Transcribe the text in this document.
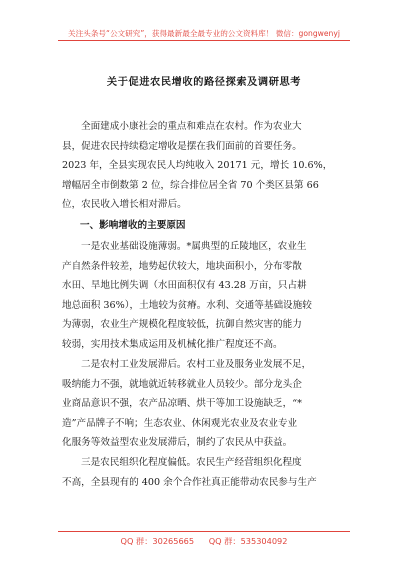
关注头条号“公文研究”，获得最新最全最专业的公文资料库！ 微信：gongwenyj
关于促进农民增收的路径探索及调研思考
全面建成小康社会的重点和难点在农村。作为农业大
县，促进农民持续稳定增收是摆在我们面前的首要任务。
2023 年，全县实现农民人均纯收入 20171 元，增长 10.6%，
增幅居全市倒数第 2 位，综合排位居全省 70 个类区县第 66
位，农民收入增长相对滞后。
一、影响增收的主要原因
一是农业基础设施薄弱。*属典型的丘陵地区，农业生
产自然条件较差，地势起伏较大，地块面积小，分布零散
水田、旱地比例失调（水田面积仅有 43.28 万亩，只占耕
地总面积 36%），土地较为贫瘠。水利、交通等基础设施较
为薄弱，农业生产规模化程度较低，抗御自然灾害的能力
较弱，实用技术集成运用及机械化推广程度还不高。
二是农村工业发展滞后。农村工业及服务业发展不足，
吸纳能力不强，就地就近转移就业人员较少。部分龙头企
业商品意识不强，农产品凉晒、烘干等加工设施缺乏，“*
造”产品牌子不响；生态农业、休闲观光农业及农业专业
化服务等效益型农业发展滞后，制约了农民从中获益。
三是农民组织化程度偏低。农民生产经营组织化程度
不高，全县现有的 400 余个合作社真正能带动农民参与生产
QQ 群：30265665 QQ 群：535304092
